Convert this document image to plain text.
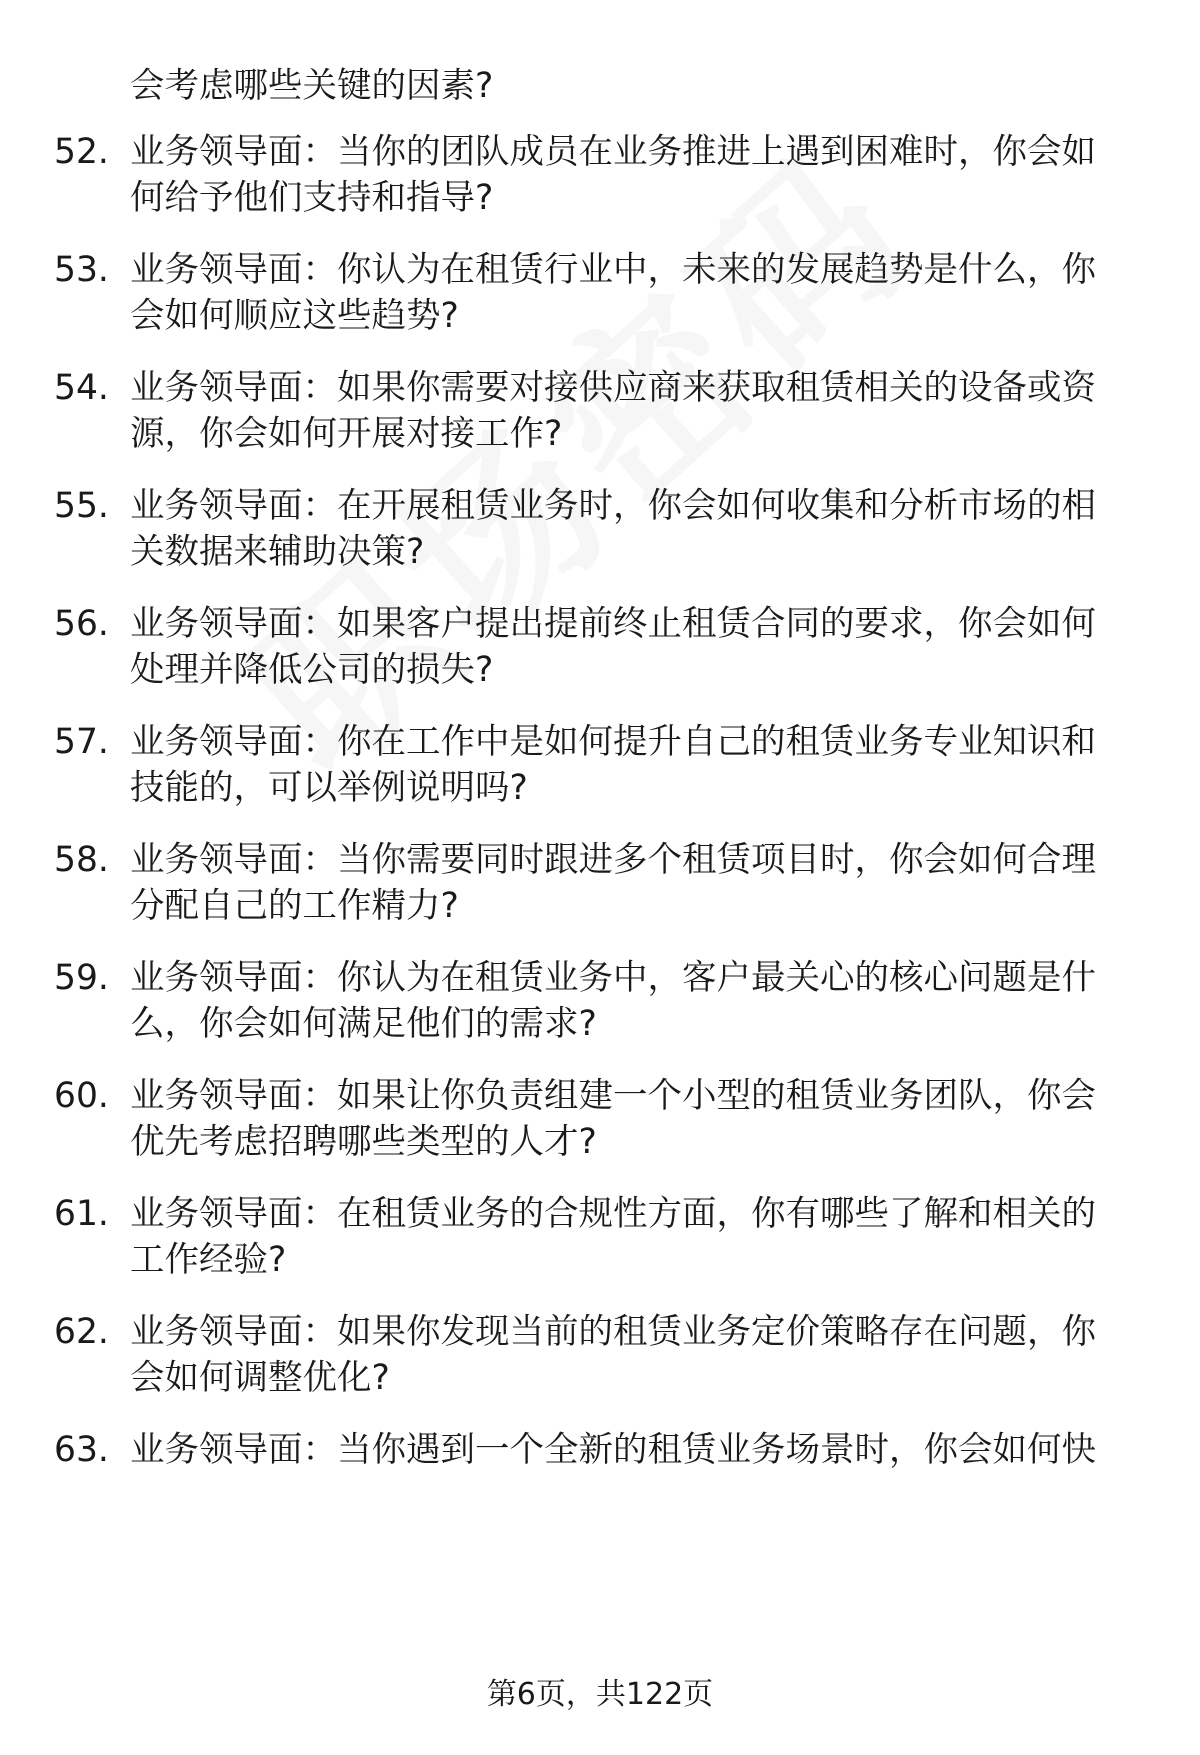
会考虑哪些关键的因素?
52. 业务领导面：当你的团队成员在业务推进上遇到困难时，你会如
何给予他们支持和指导?
53. 业务领导面：你认为在租赁行业中，未来的发展趋势是什么，你
会如何顺应这些趋势?
54. 业务领导面：如果你需要对接供应商来获取租赁相关的设备或资
源，你会如何开展对接工作?
55. 业务领导面：在开展租赁业务时，你会如何收集和分析市场的相
关数据来辅助决策?
56. 业务领导面：如果客户提出提前终止租赁合同的要求，你会如何
处理并降低公司的损失?
57. 业务领导面：你在工作中是如何提升自己的租赁业务专业知识和
技能的，可以举例说明吗?
58. 业务领导面：当你需要同时跟进多个租赁项目时，你会如何合理
分配自己的工作精力?
59. 业务领导面：你认为在租赁业务中，客户最关心的核心问题是什
么，你会如何满足他们的需求?
60. 业务领导面：如果让你负责组建一个小型的租赁业务团队，你会
优先考虑招聘哪些类型的人才?
61. 业务领导面：在租赁业务的合规性方面，你有哪些了解和相关的
工作经验?
62. 业务领导面：如果你发现当前的租赁业务定价策略存在问题，你
会如何调整优化?
63. 业务领导面：当你遇到一个全新的租赁业务场景时，你会如何快
第6页，共122页
